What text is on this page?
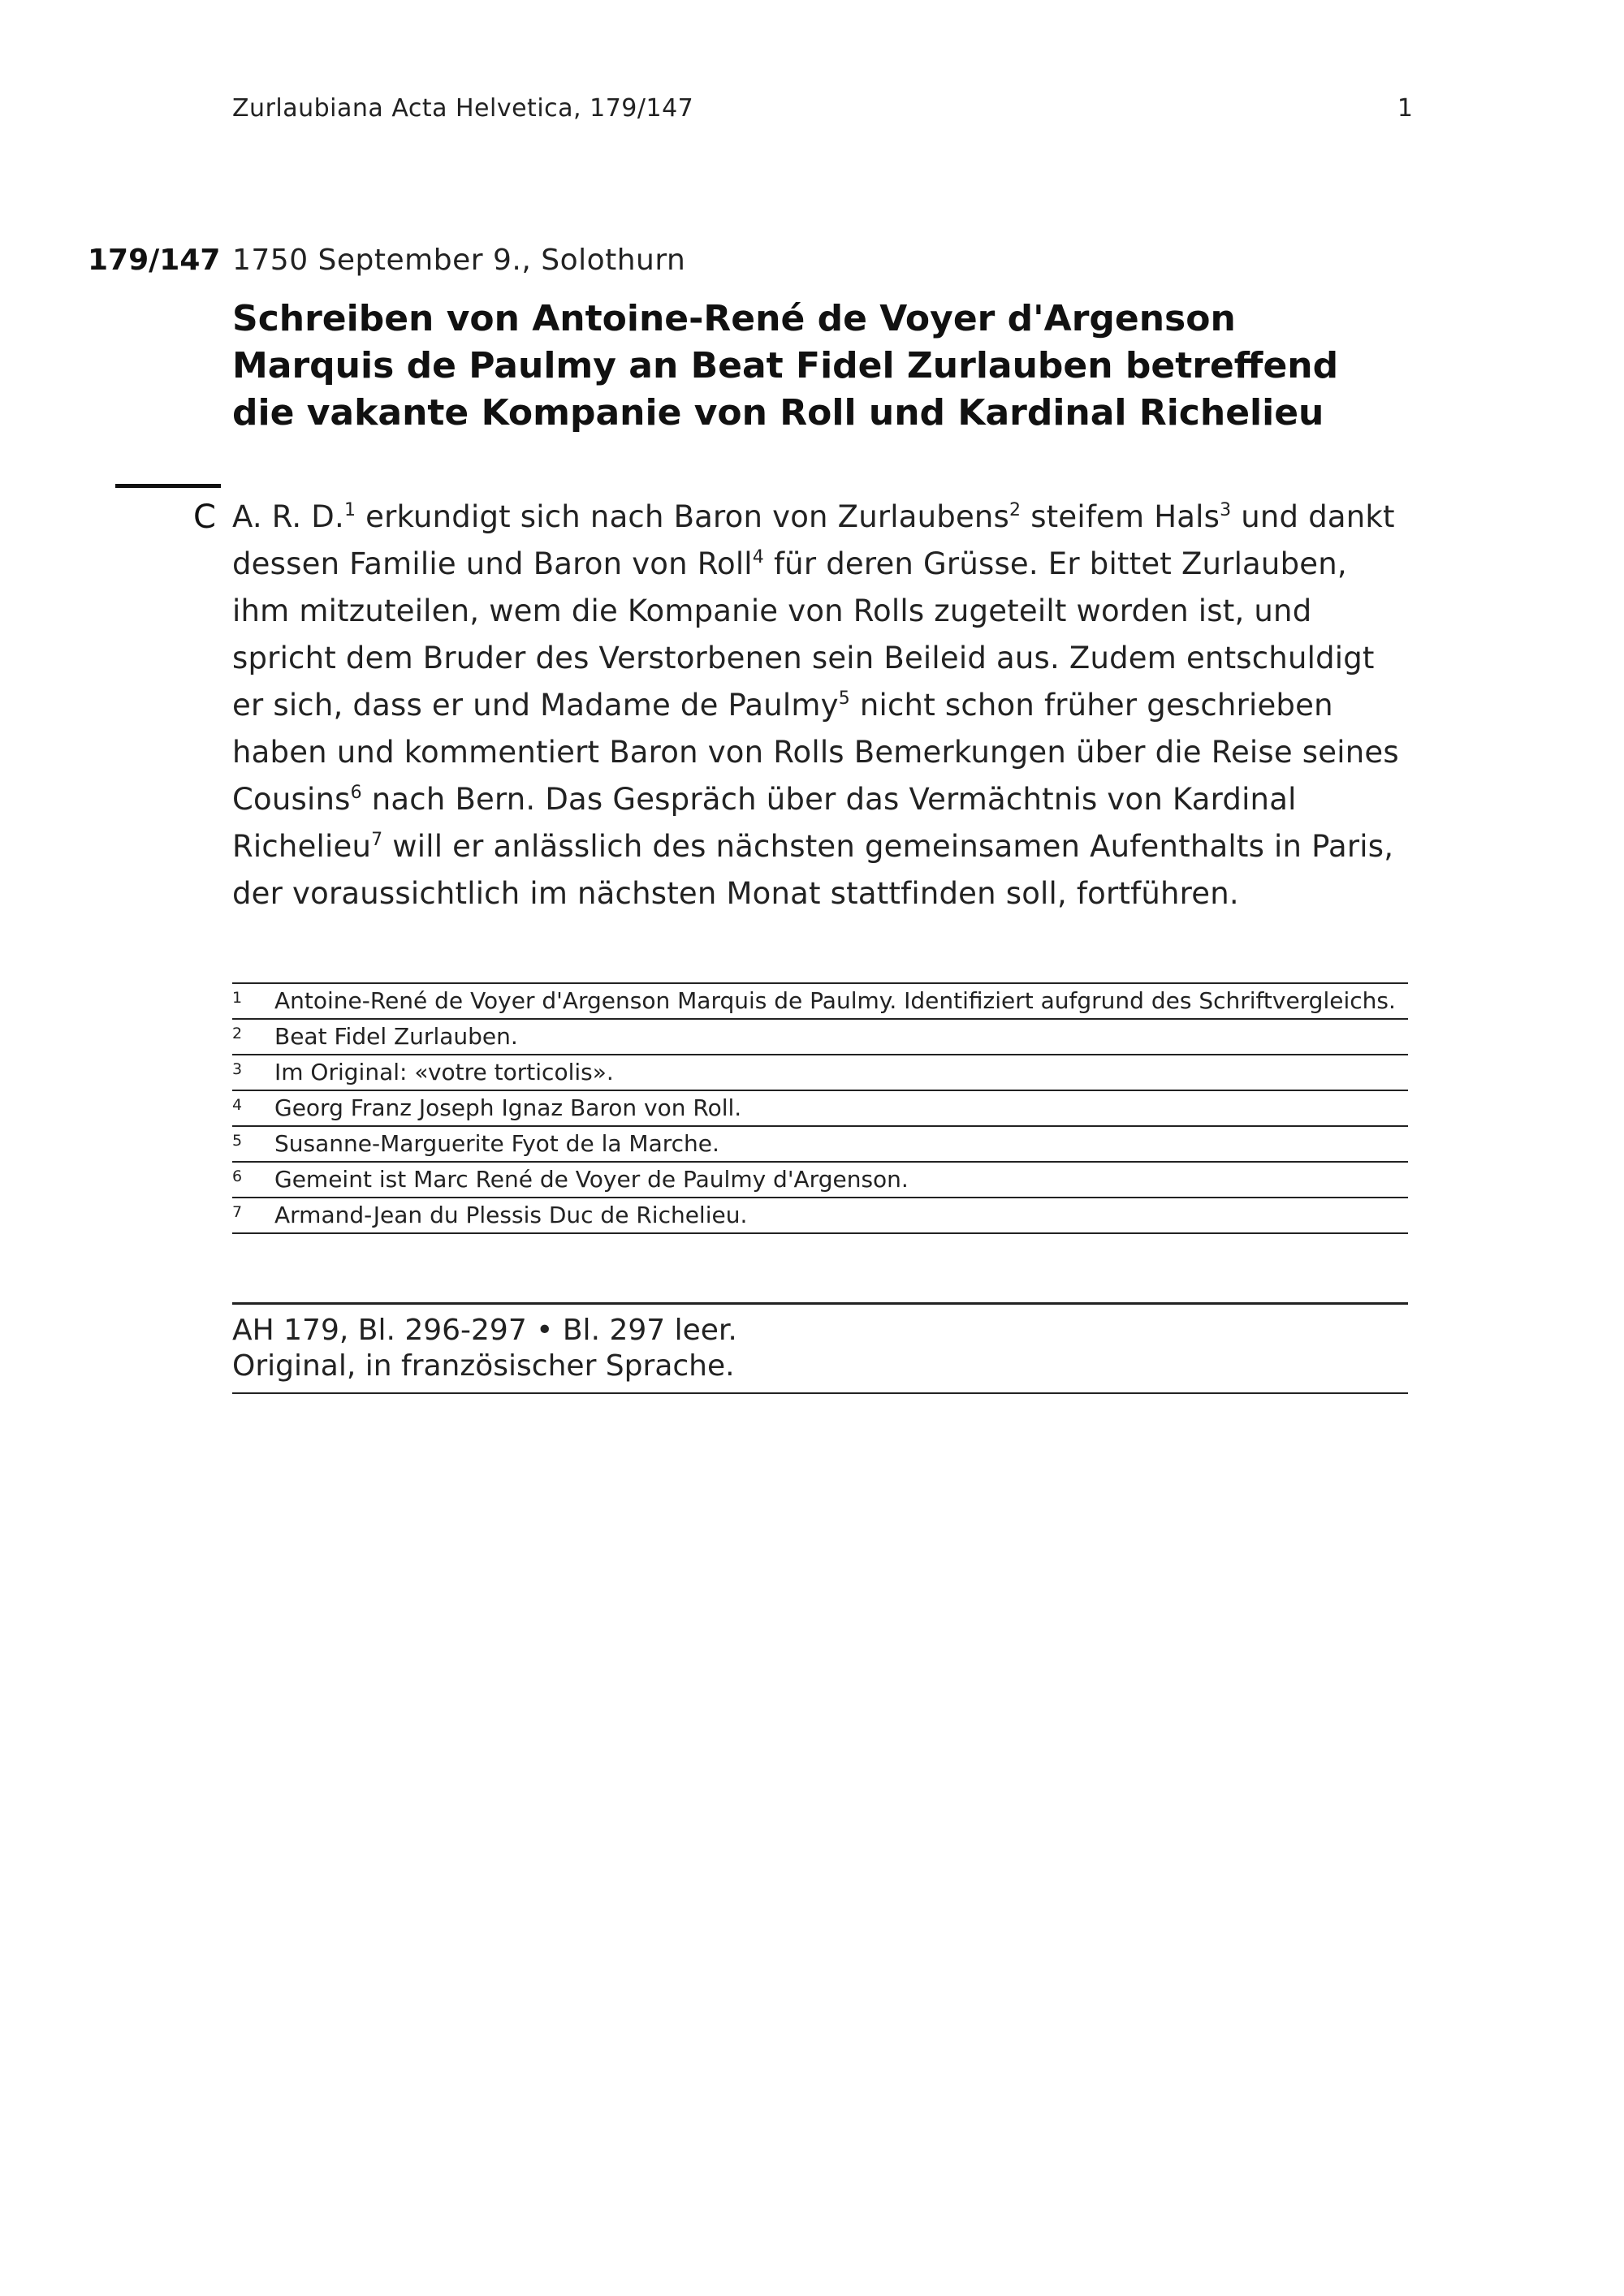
Zurlaubiana Acta Helvetica, 179/147	1
179/147 1750 September 9., Solothurn
Schreiben von Antoine-René de Voyer d'Argenson Marquis de Paulmy an Beat Fidel Zurlauben betreffend die vakante Kompanie von Roll und Kardinal Richelieu
C A. R. D.$^1$ erkundigt sich nach Baron von Zurlaubens$^2$ steifem Hals$^3$ und dankt dessen Familie und Baron von Roll$^4$ für deren Grüsse. Er bittet Zurlauben, ihm mitzuteilen, wem die Kompanie von Rolls zugeteilt worden ist, und spricht dem Bruder des Verstorbenen sein Beileid aus. Zudem entschuldigt er sich, dass er und Madame de Paulmy$^5$ nicht schon früher geschrieben haben und kommentiert Baron von Rolls Bemerkungen über die Reise seines Cousins$^6$ nach Bern. Das Gespräch über das Vermächtnis von Kardinal Richelieu$^7$ will er anlässlich des nächsten gemeinsamen Aufenthalts in Paris, der voraussichtlich im nächsten Monat stattfinden soll, fortführen.

1 Antoine-René de Voyer d'Argenson Marquis de Paulmy. Identifiziert aufgrund des Schriftvergleichs.
2 Beat Fidel Zurlauben.
3 Im Original: «votre torticolis».
4 Georg Franz Joseph Ignaz Baron von Roll.
5 Susanne-Marguerite Fyot de la Marche.
6 Gemeint ist Marc René de Voyer de Paulmy d'Argenson.
7 Armand-Jean du Plessis Duc de Richelieu.
AH 179, Bl. 296-297 • Bl. 297 leer.
Original, in französischer Sprache.
